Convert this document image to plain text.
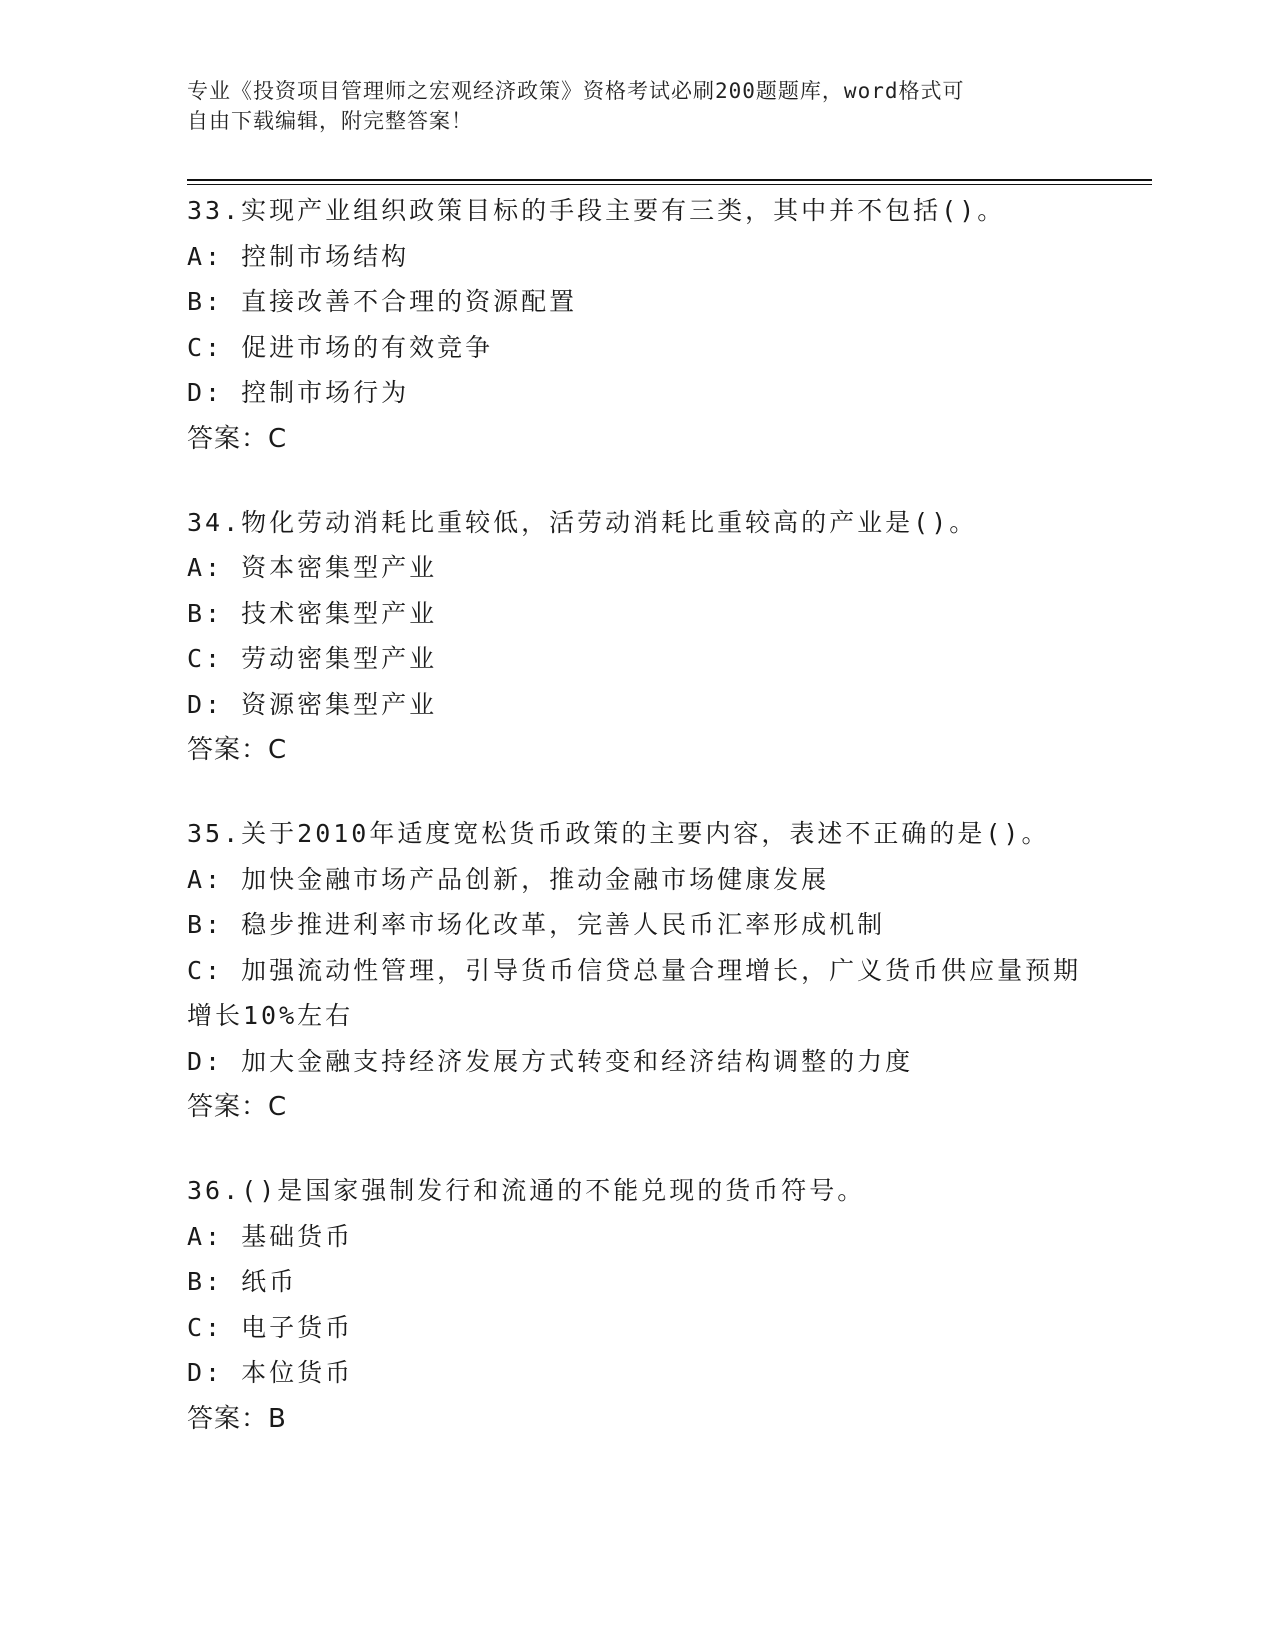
专业《投资项目管理师之宏观经济政策》资格考试必刷200题题库，word格式可
自由下载编辑，附完整答案！
33.实现产业组织政策目标的手段主要有三类，其中并不包括()。
A: 控制市场结构
B: 直接改善不合理的资源配置
C: 促进市场的有效竞争
D: 控制市场行为
答案：C
34.物化劳动消耗比重较低，活劳动消耗比重较高的产业是()。
A: 资本密集型产业
B: 技术密集型产业
C: 劳动密集型产业
D: 资源密集型产业
答案：C
35.关于2010年适度宽松货币政策的主要内容，表述不正确的是()。
A: 加快金融市场产品创新，推动金融市场健康发展
B: 稳步推进利率市场化改革，完善人民币汇率形成机制
C: 加强流动性管理，引导货币信贷总量合理增长，广义货币供应量预期增长10%左右
D: 加大金融支持经济发展方式转变和经济结构调整的力度
答案：C
36.()是国家强制发行和流通的不能兑现的货币符号。
A: 基础货币
B: 纸币
C: 电子货币
D: 本位货币
答案：B
